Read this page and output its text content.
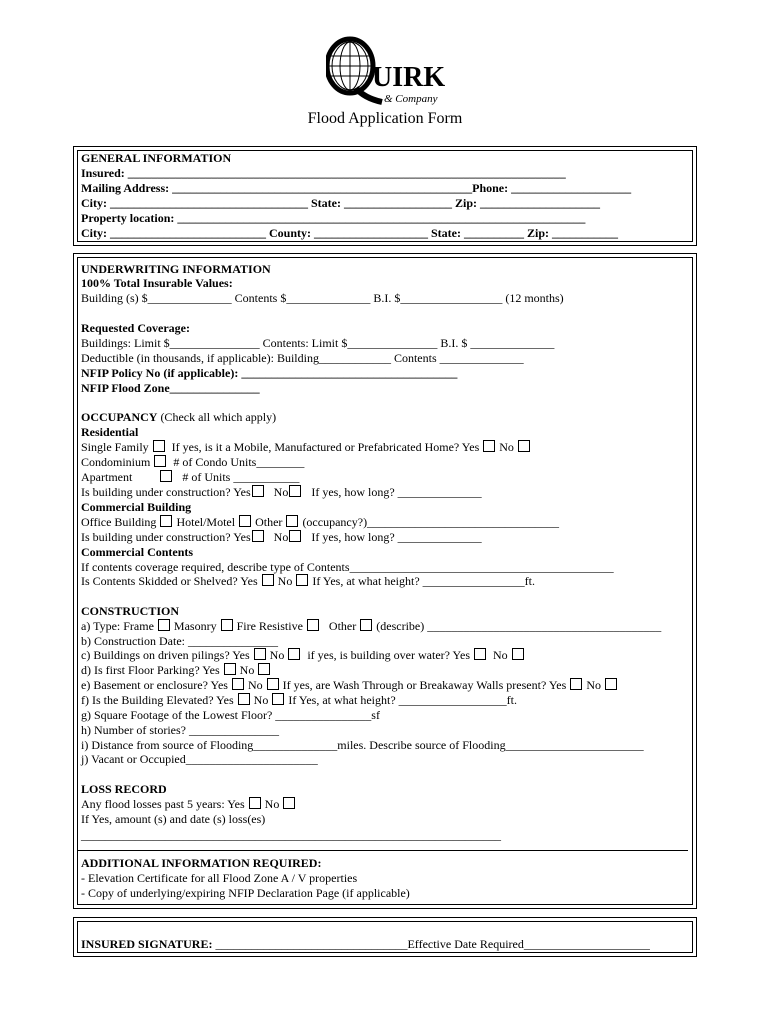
UIRK
& Company
Flood Application Form
GENERAL INFORMATION
Insured: _________________________________________________________________________
Mailing Address: __________________________________________________Phone: ____________________
City: _________________________________ State: __________________ Zip: ____________________
Property location: ____________________________________________________________________
City: __________________________ County: ___________________ State: __________ Zip: ___________
UNDERWRITING INFORMATION
100% Total Insurable Values:
Building (s) $______________ Contents $______________ B.I. $_________________ (12 months)
Requested Coverage:
Buildings: Limit $_______________ Contents: Limit $_______________ B.I. $ ______________
Deductible (in thousands, if applicable): Building____________ Contents ______________
NFIP Policy No (if applicable): ____________________________________
NFIP Flood Zone_______________
OCCUPANCY (Check all which apply)
Residential
Single Family If yes, is it a Mobile, Manufactured or Prefabricated Home? Yes No
Condominium # of Condo Units________
Apartment	# of Units ___________
Is building under construction? Yes No If yes, how long? ______________
Commercial Building
Office Building Hotel/Motel Other (occupancy?)________________________________
Is building under construction? Yes No If yes, how long? ______________
Commercial Contents
If contents coverage required, describe type of Contents____________________________________________
Is Contents Skidded or Shelved? Yes No If Yes, at what height? _________________ft.
CONSTRUCTION
a) Type: Frame Masonry Fire Resistive Other (describe) _______________________________________
b) Construction Date: _______________
c) Buildings on driven pilings? Yes No if yes, is building over water? Yes No
d) Is first Floor Parking? Yes No
e) Basement or enclosure? Yes No If yes, are Wash Through or Breakaway Walls present? Yes No
f) Is the Building Elevated? Yes No If Yes, at what height? __________________ft.
g) Square Footage of the Lowest Floor? ________________sf
h) Number of stories? _______________
i) Distance from source of Flooding______________miles. Describe source of Flooding_______________________
j) Vacant or Occupied______________________
LOSS RECORD
Any flood losses past 5 years: Yes No
If Yes, amount (s) and date (s) loss(es)
______________________________________________________________________
ADDITIONAL INFORMATION REQUIRED:
- Elevation Certificate for all Flood Zone A / V properties
- Copy of underlying/expiring NFIP Declaration Page (if applicable)
INSURED SIGNATURE: ________________________________Effective Date Required_____________________
